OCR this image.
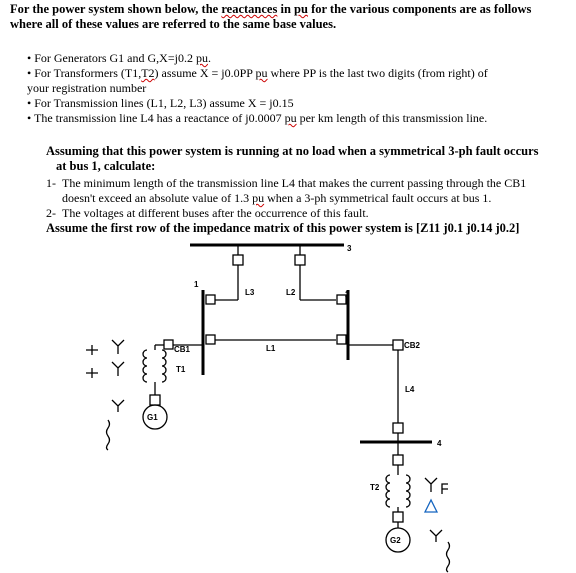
For the power system shown below, the reactances in pu for the various components are as follows
where all of these values are referred to the same base values.
• For Generators G1 and G,X=j0.2 pu.
• For Transformers (T1,T2) assume X = j0.0PP pu where PP is the last two digits (from right) of
your registration number
• For Transmission lines (L1, L2, L3) assume X = j0.15
• The transmission line L4 has a reactance of j0.0007 pu per km length of this transmission line.
Assuming that this power system is running at no load when a symmetrical 3-ph fault occurs
at bus 1, calculate:
1- The minimum length of the transmission line L4 that makes the current passing through the CB1
doesn't exceed an absolute value of 1.3 pu when a 3-ph symmetrical fault occurs at bus 1.
2- The voltages at different buses after the occurrence of this fault.
Assume the first row of the impedance matrix of this power system is [Z11 j0.1 j0.14 j0.2]
1
2
3
4
L1
L2
L3
L4
CB1	CB2
T1
T2
G1
G2
